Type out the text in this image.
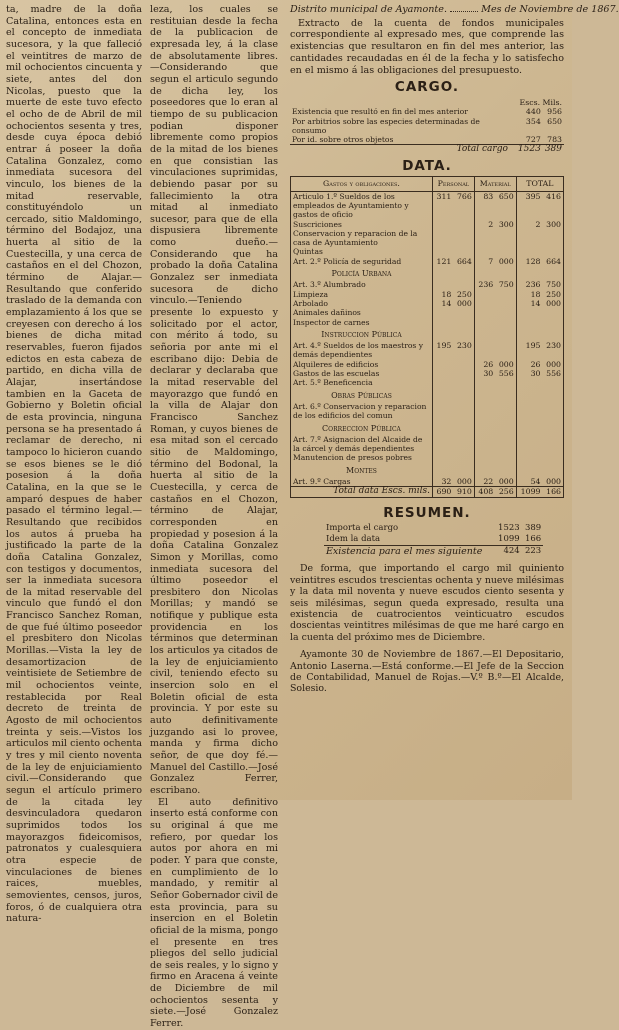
ta, madre de la doña Catalina, entonces esta en el concepto de inmediata sucesora, y la que falleció el veintitres de marzo de mil ochocientos cincuenta y siete, antes del don Nicolas, puesto que la muerte de este tuvo efecto el ocho de de Abril de mil ochocientos sesenta y tres, desde cuya época debió entrar á poseer la doña Catalina Gonzalez, como inmediata sucesora del vinculo, los bienes de la mitad reservable, constituyéndolo un cercado, sitio Maldomingo, término del Bodajoz, una huerta al sitio de la Cuestecilla, y una cerca de castaños en el del Chozon, término de Alajar.—Resultando que conferido traslado de la demanda con emplazamiento á los que se creyesen con derecho á los bienes de dicha mitad reservables, fueron fijados edictos en esta cabeza de partido, en dicha villa de Alajar, insertándose tambien en la Gaceta de Gobierno y Boletin oficial de esta provincia, ninguna persona se ha presentado á reclamar de derecho, ni tampoco lo hicieron cuando se esos bienes se le dió posesion á la doña Catalina, en la que se le amparó despues de haber pasado el término legal.—Resultando que recibidos los autos á prueba ha justificado la parte de la doña Catalina Gonzalez, con testigos y documentos, ser la inmediata sucesora de la mitad reservable del vinculo que fundó el don Francisco Sanchez Roman, de que fué último poseedor el presbitero don Nicolas Morillas.—Vista la ley de desamortizacion de veintisiete de Setiembre de mil ochocientos veinte, restablecida por Real decreto de treinta de Agosto de mil ochocientos treinta y seis.—Vistos los articulos mil ciento ochenta y tres y mil ciento noventa de la ley de enjuiciamiento civil.—Considerando que segun el artículo primero de la citada ley desvinculadora quedaron suprimidos todos los mayorazgos fideicomisos, patronatos y cualesquiera otra especie de vinculaciones de bienes raices, muebles, semovientes, censos, juros, foros, ó de cualquiera otra natura-

leza, los cuales se restituian desde la fecha de la publicacion de expresada ley, á la clase de absolutamente libres.—Considerando que segun el articulo segundo de dicha ley, los poseedores que lo eran al tiempo de su publicacion podian disponer libremente como propios de la mitad de los bienes en que consistian las vinculaciones suprimidas, debiendo pasar por su fallecimiento la otra mitad al inmediato sucesor, para que de ella dispusiera libremente como dueño.—Considerando que ha probado la doña Catalina Gonzalez ser inmediata sucesora de dicho vinculo.—Teniendo presente lo expuesto y solicitado por el actor, con mérito á todo, su señoria por ante mi el escribano dijo: Debia de declarar y declaraba que la mitad reservable del mayorazgo que fundó en la villa de Alajar don Francisco Sanchez Roman, y cuyos bienes de esa mitad son el cercado sitio de Maldomingo, término del Bodonal, la huerta al sitio de la Cuestecilla, y cerca de castaños en el Chozon, término de Alajar, corresponden en propiedad y posesion á la doña Catalina Gonzalez Simon y Morillas, como inmediata sucesora del último poseedor el presbitero don Nicolas Morillas; y mandó se notifique y publique esta providencia en los términos que determinan los articulos ya citados de la ley de enjuiciamiento civil, teniendo efecto su insercion solo en el Boletin oficial de esta provincia. Y por este su auto definitivamente juzgando asi lo provee, manda y firma dicho señor, de que doy fé.—Manuel del Castillo.—José Gonzalez Ferrer, escribano.

El auto definitivo inserto está conforme con su original á que me refiero, por quedar los autos por ahora en mi poder. Y para que conste, en cumplimiento de lo mandado, y remitir al Señor Gobernador civil de esta provincia, para su insercion en el Boletin oficial de la misma, pongo el presente en tres pliegos del sello judicial de seis reales, y lo signo y firmo en Aracena á veinte de Diciembre de mil ochocientos sesenta y siete.—José Gonzalez Ferrer.

Distrito municipal de Ayamonte.	Mes de Noviembre de 1867.

Extracto de la cuenta de fondos municipales correspondiente al expresado mes, que comprende las existencias que resultaron en fin del mes anterior, las cantidades recaudadas en él de la fecha y lo satisfecho en el mismo á las obligaciones del presupuesto.

CARGO.
	Escs. Mils.	
Existencia que resultó en fin del mes anterior	440	956
Por arbitrios sobre las especies determinadas de consumo	354	650
Por id. sobre otros objetos	727	783
Total cargo	1523	389
DATA.
Gastos y obligaciones.	Personal		Material		TOTAL	
Articulo 1.º Sueldos de los empleados de Ayuntamiento y gastos de oficio	311	766	83	650	395	416
Suscriciones			2	300	2	300
Conservacion y reparacion de la casa de Ayuntamiento						
Quintas						
Art. 2.º Policía de seguridad	121	664	7	000	128	664
Policía Urbana						
Art. 3.º Alumbrado			236	750	236	750
Limpieza	18	250			18	250
Arbolado	14	000			14	000
Animales dañinos						
Inspector de carnes						
Instruccion Pública						
Art. 4.º Sueldos de los maestros y demás dependientes	195	230			195	230
Alquileres de edificios			26	000	26	000
Gastos de las escuelas			30	556	30	556
Art. 5.º Beneficencia						
Obras Públicas						
Art. 6.º Conservacion y reparacion de los edificios del comun						
Correccion Pública						
Art. 7.º Asignacion del Alcaide de la cárcel y demás dependientes						
Manutencion de presos pobres						
Montes						
Art. 9.º Cargas	32	000	22	000	54	000
Total data Escs. mils.	690	910	408	256	1099	166
RESUMEN.
Importa el cargo	1523	389
Idem la data	1099	166
Existencia para el mes siguiente	424	223

De forma, que importando el cargo mil quiniento veintitres escudos trescientas ochenta y nueve milésimas y la data mil noventa y nueve escudos ciento sesenta y seis milésimas, segun queda expresado, resulta una existencia de cuatrocientos veinticuatro escudos doscientas veintitres milésimas de que me haré cargo en la cuenta del próximo mes de Diciembre.

Ayamonte 30 de Noviembre de 1867.—El Depositario, Antonio Laserna.—Está conforme.—El Jefe de la Seccion de Contabilidad, Manuel de Rojas.—V.º B.º—El Alcalde, Solesio.
